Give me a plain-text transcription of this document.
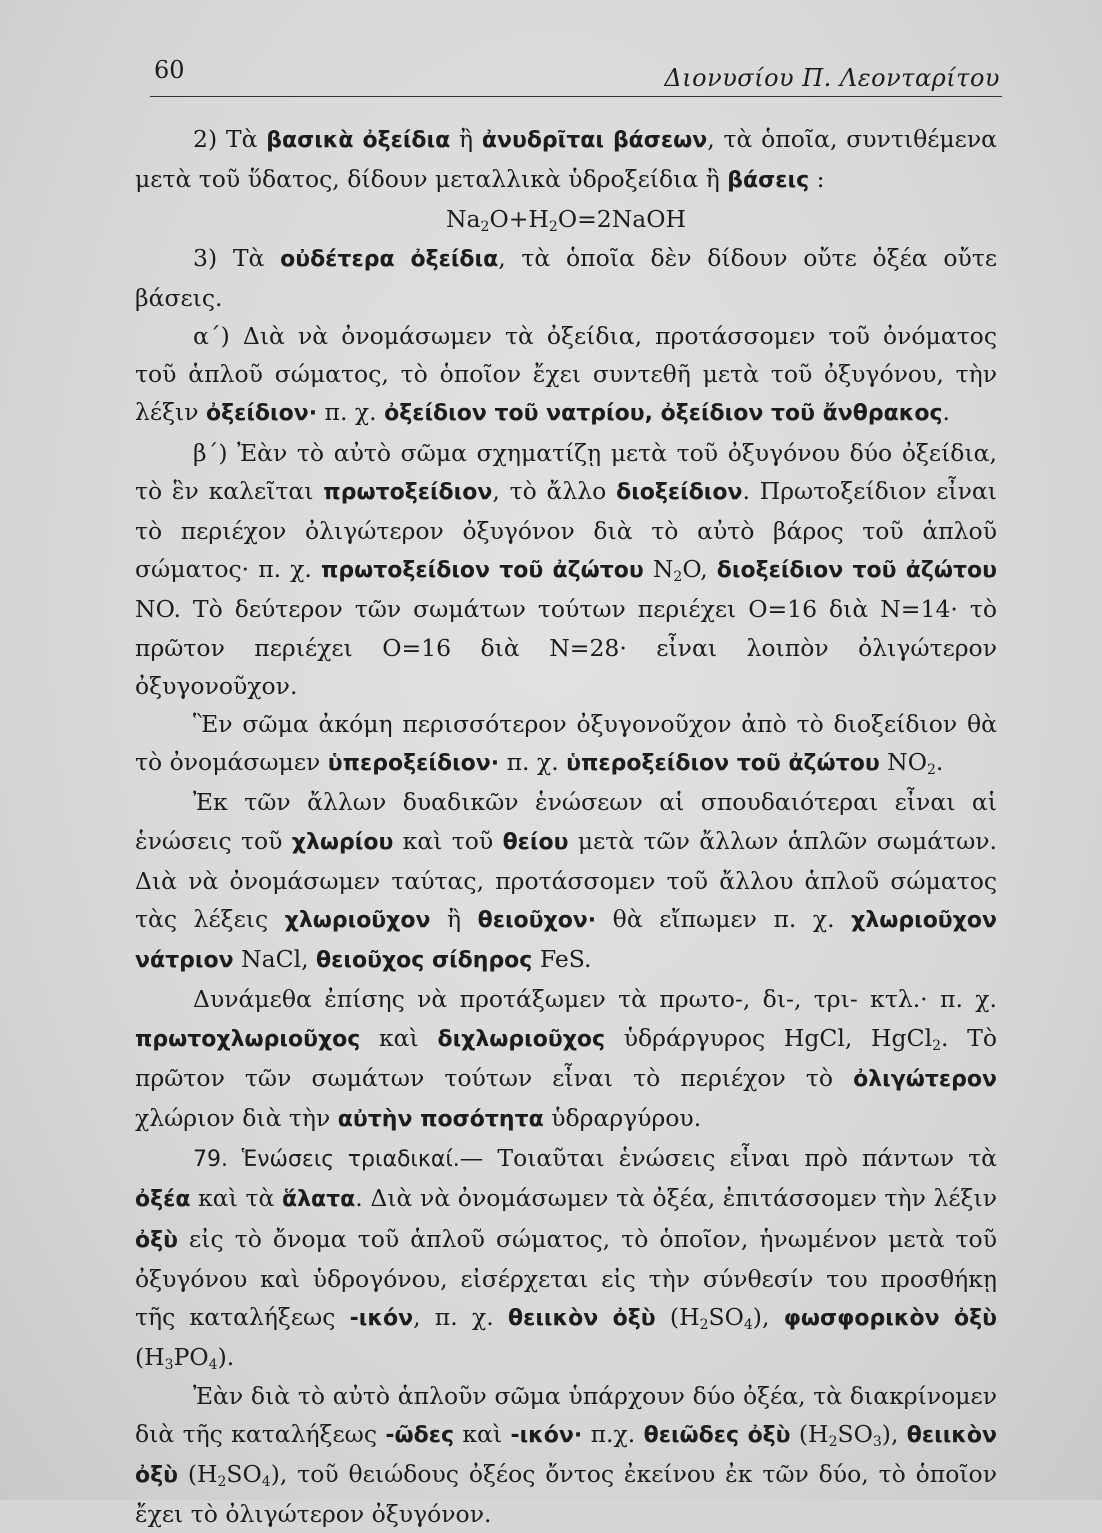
60	Διονυσίου Π. Λεονταρίτου

2) Τὰ βασικὰ ὀξείδια ἢ ἀνυδρῖται βάσεων, τὰ ὁποῖα, συντιθέμενα μετὰ τοῦ ὕδατος, δίδουν μεταλλικὰ ὑδροξείδια ἢ βάσεις :

$Na_2O+H_2O=2NaOH$

3) Τὰ οὐδέτερα ὀξείδια, τὰ ὁποῖα δὲν δίδουν οὔτε ὀξέα οὔτε βάσεις.

α΄) Διὰ νὰ ὀνομάσωμεν τὰ ὀξείδια, προτάσσομεν τοῦ ὀνόματος τοῦ ἁπλοῦ σώματος, τὸ ὁποῖον ἔχει συντεθῆ μετὰ τοῦ ὀξυγόνου, τὴν λέξιν ὀξείδιον· π. χ. ὀξείδιον τοῦ νατρίου, ὀξείδιον τοῦ ἄνθρακος.

β΄) Ἐὰν τὸ αὐτὸ σῶμα σχηματίζῃ μετὰ τοῦ ὀξυγόνου δύο ὀξείδια, τὸ ἓν καλεῖται πρωτοξείδιον, τὸ ἄλλο διοξείδιον. Πρωτοξείδιον εἶναι τὸ περιέχον ὀλιγώτερον ὀξυγόνον διὰ τὸ αὐτὸ βάρος τοῦ ἁπλοῦ σώματος· π. χ. πρωτοξείδιον τοῦ ἀζώτου $N_2O$, διοξείδιον τοῦ ἀζώτου NO. Τὸ δεύτερον τῶν σωμάτων τούτων περιέχει O=16 διὰ N=14· τὸ πρῶτον περιέχει O=16 διὰ N=28· εἶναι λοιπὸν ὀλιγώτερον ὀξυγονοῦχον.

Ἓν σῶμα ἀκόμη περισσότερον ὀξυγονοῦχον ἀπὸ τὸ διοξείδιον θὰ τὸ ὀνομάσωμεν ὑπεροξείδιον· π. χ. ὑπεροξείδιον τοῦ ἀζώτου $NO_2$.

Ἐκ τῶν ἄλλων δυαδικῶν ἑνώσεων αἱ σπουδαιότεραι εἶναι αἱ ἑνώσεις τοῦ χλωρίου καὶ τοῦ θείου μετὰ τῶν ἄλλων ἁπλῶν σωμάτων. Διὰ νὰ ὀνομάσωμεν ταύτας, προτάσσομεν τοῦ ἄλλου ἁπλοῦ σώματος τὰς λέξεις χλωριοῦχον ἢ θειοῦχον· θὰ εἴπωμεν π. χ. χλωριοῦχον νάτριον NaCl, θειοῦχος σίδηρος FeS.

Δυνάμεθα ἐπίσης νὰ προτάξωμεν τὰ πρωτο-, δι-, τρι- κτλ.· π. χ. πρωτοχλωριοῦχος καὶ διχλωριοῦχος ὑδράργυρος HgCl, HgCl$_2$. Τὸ πρῶτον τῶν σωμάτων τούτων εἶναι τὸ περιέχον τὸ ὀλιγώτερον χλώριον διὰ τὴν αὐτὴν ποσότητα ὑδραργύρου.

79. Ἑνώσεις τριαδικαί.— Τοιαῦται ἑνώσεις εἶναι πρὸ πάντων τὰ ὀξέα καὶ τὰ ἅλατα. Διὰ νὰ ὀνομάσωμεν τὰ ὀξέα, ἐπιτάσσομεν τὴν λέξιν ὀξὺ εἰς τὸ ὄνομα τοῦ ἁπλοῦ σώματος, τὸ ὁποῖον, ἡνωμένον μετὰ τοῦ ὀξυγόνου καὶ ὑδρογόνου, εἰσέρχεται εἰς τὴν σύνθεσίν του προσθήκῃ τῆς καταλήξεως -ικόν, π. χ. θειικὸν ὀξὺ $(H_2SO_4)$, φωσφορικὸν ὀξὺ $(H_3PO_4)$.

Ἐὰν διὰ τὸ αὐτὸ ἁπλοῦν σῶμα ὑπάρχουν δύο ὀξέα, τὰ διακρίνομεν διὰ τῆς καταλήξεως -ῶδες καὶ -ικόν· π.χ. θειῶδες ὀξὺ $(H_2SO_3)$, θειικὸν ὀξὺ $(H_2SO_4)$, τοῦ θειώδους ὀξέος ὄντος ἐκείνου ἐκ τῶν δύο, τὸ ὁποῖον ἔχει τὸ ὀλιγώτερον ὀξυγόνον.
